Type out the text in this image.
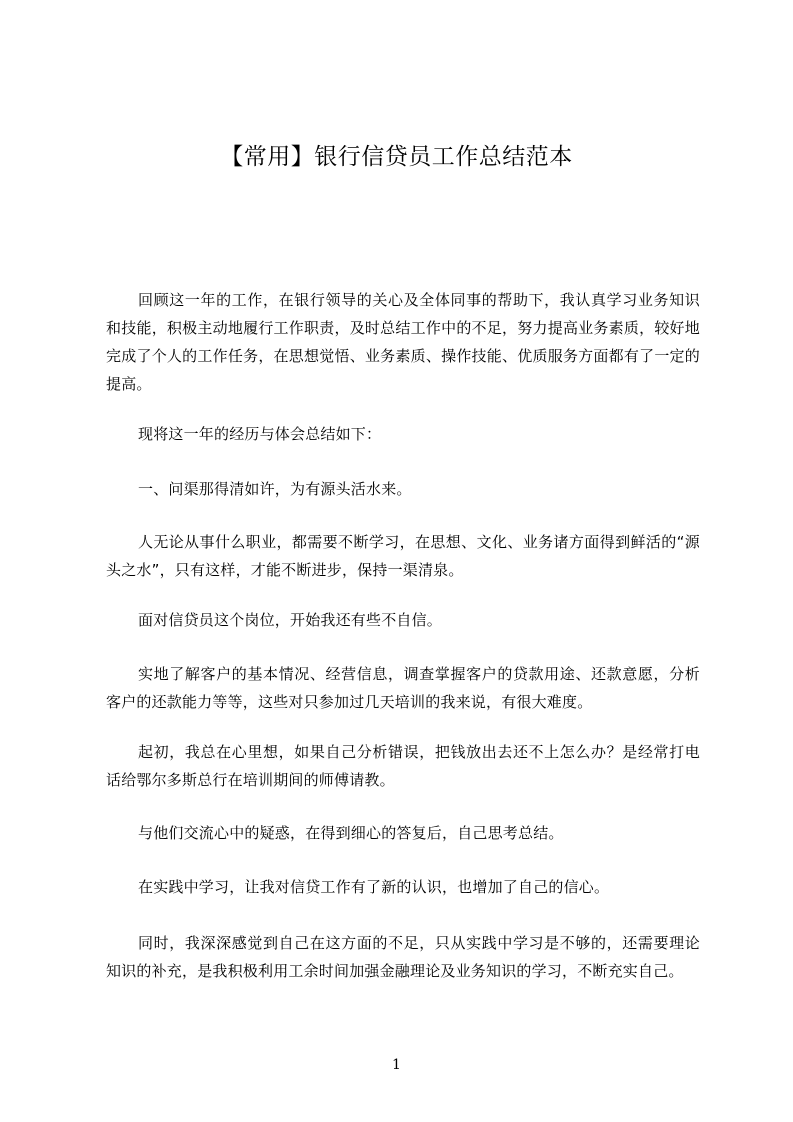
【常用】银行信贷员工作总结范本

回顾这一年的工作，在银行领导的关心及全体同事的帮助下，我认真学习业务知识和技能，积极主动地履行工作职责，及时总结工作中的不足，努力提高业务素质，较好地完成了个人的工作任务，在思想觉悟、业务素质、操作技能、优质服务方面都有了一定的提高。

现将这一年的经历与体会总结如下：

一、问渠那得清如许，为有源头活水来。

人无论从事什么职业，都需要不断学习，在思想、文化、业务诸方面得到鲜活的“源头之水”，只有这样，才能不断进步，保持一渠清泉。

面对信贷员这个岗位，开始我还有些不自信。

实地了解客户的基本情况、经营信息，调查掌握客户的贷款用途、还款意愿，分析客户的还款能力等等，这些对只参加过几天培训的我来说，有很大难度。

起初，我总在心里想，如果自己分析错误，把钱放出去还不上怎么办？是经常打电话给鄂尔多斯总行在培训期间的师傅请教。

与他们交流心中的疑惑，在得到细心的答复后，自己思考总结。

在实践中学习，让我对信贷工作有了新的认识，也增加了自己的信心。

同时，我深深感觉到自己在这方面的不足，只从实践中学习是不够的，还需要理论知识的补充，是我积极利用工余时间加强金融理论及业务知识的学习，不断充实自己。

1
